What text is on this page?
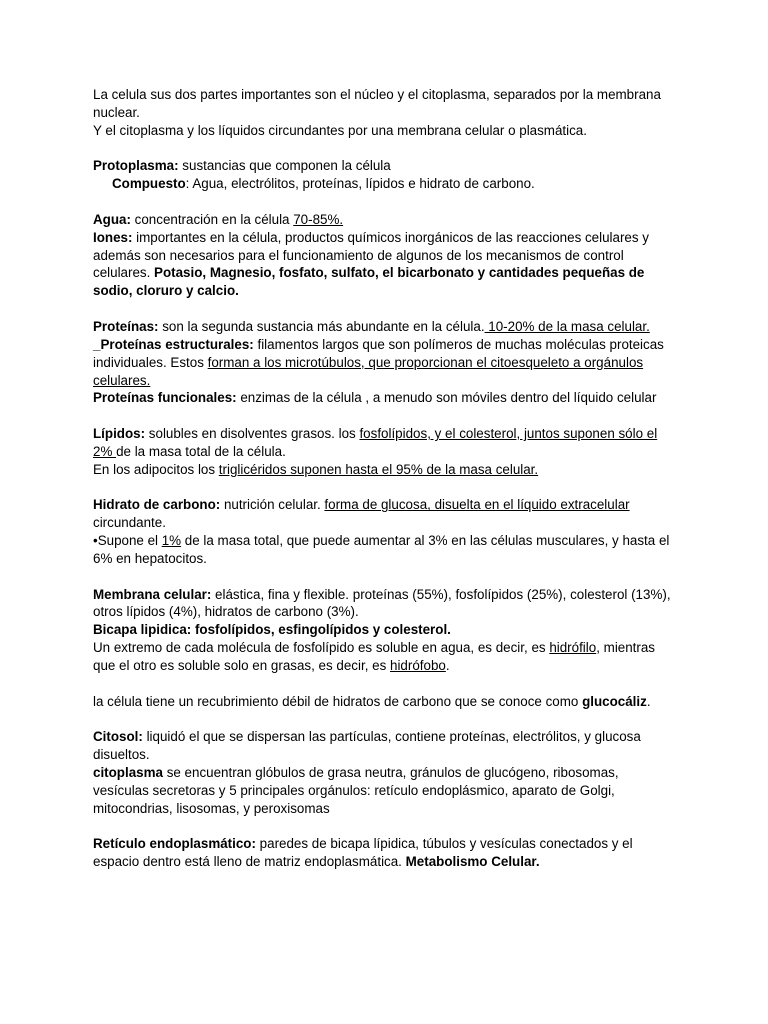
La celula sus dos partes importantes son el núcleo y el citoplasma, separados por la membrana nuclear.

Y el citoplasma y los líquidos circundantes por una membrana celular o plasmática.

Protoplasma: sustancias que componen la célula

Compuesto: Agua, electrólitos, proteínas, lípidos e hidrato de carbono.

Agua: concentración en la célula 70-85%.

Iones: importantes en la célula, productos químicos inorgánicos de las reacciones celulares y además son necesarios para el funcionamiento de algunos de los mecanismos de control celulares. Potasio, Magnesio, fosfato, sulfato, el bicarbonato y cantidades pequeñas de sodio, cloruro y calcio.

Proteínas: son la segunda sustancia más abundante en la célula. 10-20% de la masa celular.

_Proteínas estructurales: filamentos largos que son polímeros de muchas moléculas proteicas individuales. Estos forman a los microtúbulos, que proporcionan el citoesqueleto a orgánulos celulares.

Proteínas funcionales: enzimas de la célula , a menudo son móviles dentro del líquido celular

Lípidos: solubles en disolventes grasos. los fosfolípidos, y el colesterol, juntos suponen sólo el 2% de la masa total de la célula.

En los adipocitos los triglicéridos suponen hasta el 95% de la masa celular.

Hidrato de carbono: nutrición celular. forma de glucosa, disuelta en el líquido extracelular circundante.

•Supone el 1% de la masa total, que puede aumentar al 3% en las células musculares, y hasta el 6% en hepatocitos.

Membrana celular: elástica, fina y flexible. proteínas (55%), fosfolípidos (25%), colesterol (13%), otros lípidos (4%), hidratos de carbono (3%).

Bicapa lipidica: fosfolípidos, esfingolípidos y colesterol.

Un extremo de cada molécula de fosfolípido es soluble en agua, es decir, es hidrófilo, mientras que el otro es soluble solo en grasas, es decir, es hidrófobo.

la célula tiene un recubrimiento débil de hidratos de carbono que se conoce como glucocáliz.

Citosol: liquidó el que se dispersan las partículas, contiene proteínas, electrólitos, y glucosa disueltos.

citoplasma se encuentran glóbulos de grasa neutra, gránulos de glucógeno, ribosomas, vesículas secretoras y 5 principales orgánulos: retículo endoplásmico, aparato de Golgi, mitocondrias, lisosomas, y peroxisomas

Retículo endoplasmático: paredes de bicapa lípidica, túbulos y vesículas conectados y el espacio dentro está lleno de matriz endoplasmática. Metabolismo Celular.
